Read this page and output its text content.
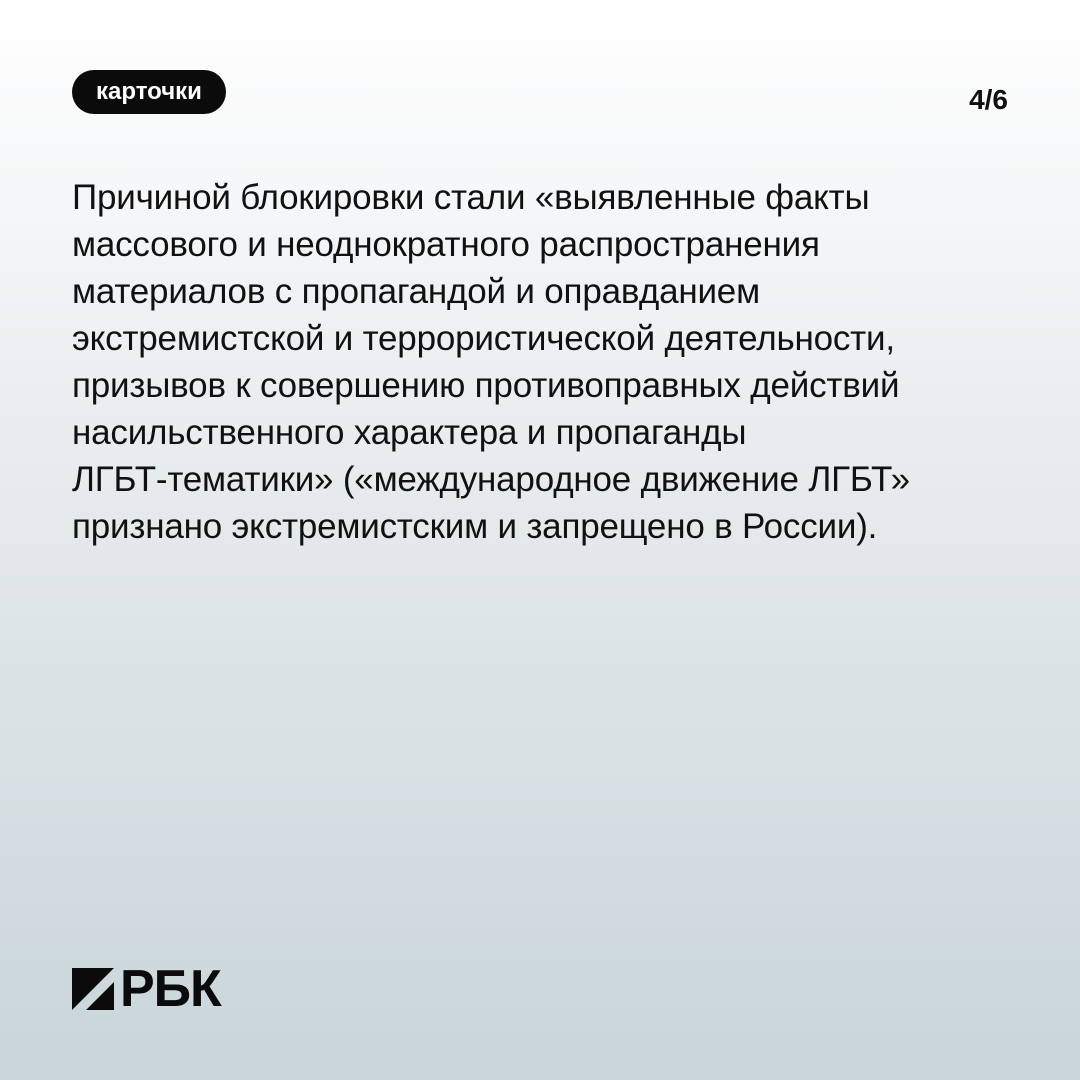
карточки	4/6

Причиной блокировки стали «выявленные факты
массового и неоднократного распространения
материалов с пропагандой и оправданием
экстремистской и террористической деятельности,
призывов к совершению противоправных действий
насильственного характера и пропаганды
ЛГБТ-тематики» («международное движение ЛГБТ»
признано экстремистским и запрещено в России).

РБК
